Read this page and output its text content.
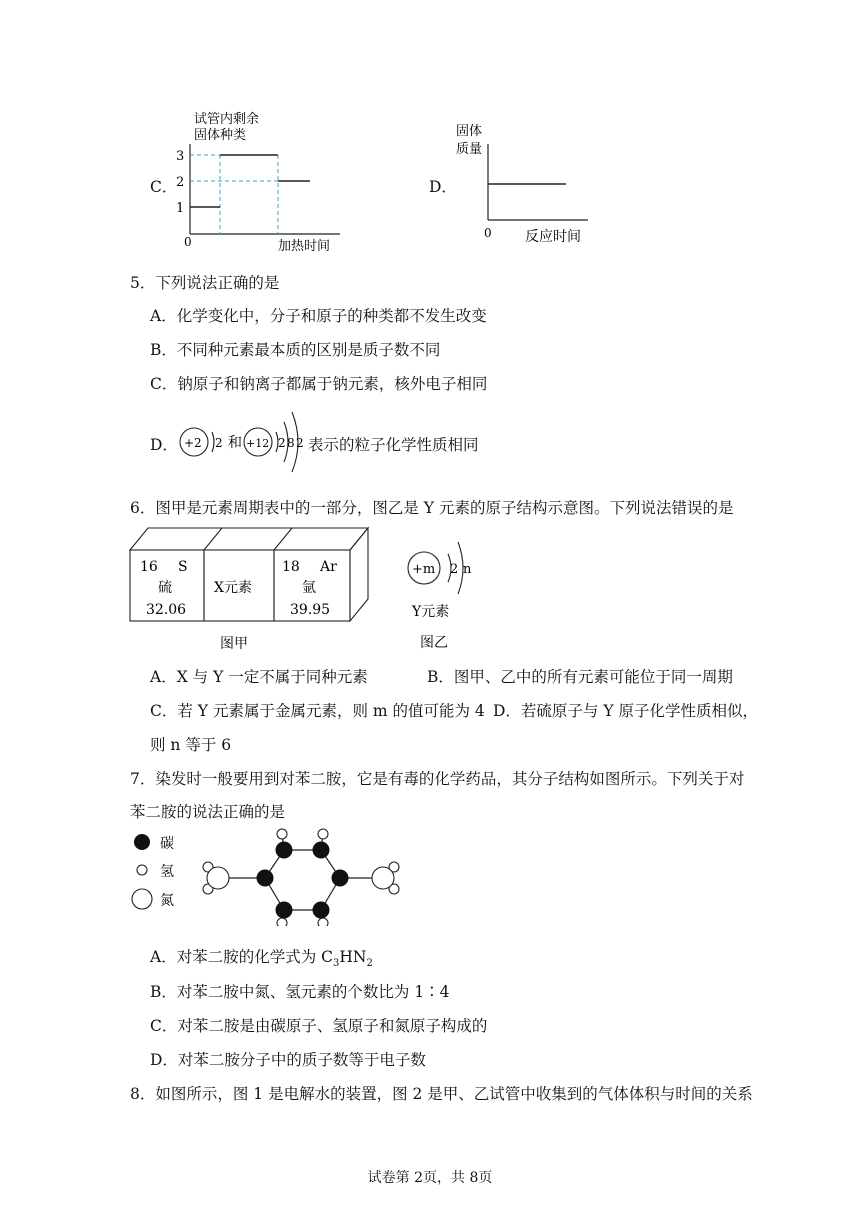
C．
试管内剩余
固体种类
3
2
1
0	加热时间
D．
固体
质量
0 反应时间
5．下列说法正确的是
A．化学变化中，分子和原子的种类都不发生改变
B．不同种元素最本质的区别是质子数不同
C．钠原子和钠离子都属于钠元素，核外电子相同
D． +2 2 和 +12 2 8 2 表示的粒子化学性质相同
6．图甲是元素周期表中的一部分，图乙是 Y 元素的原子结构示意图。下列说法错误的是
16 S
硫
32.06
X元素
18 Ar
氩
39.95
图甲
+m 2 n
Y元素
图乙
A．X 与 Y 一定不属于同种元素	B．图甲、乙中的所有元素可能位于同一周期
C．若 Y 元素属于金属元素，则 m 的值可能为 4 D．若硫原子与 Y 原子化学性质相似，
则 n 等于 6
7．染发时一般要用到对苯二胺，它是有毒的化学药品，其分子结构如图所示。下列关于对
苯二胺的说法正确的是
碳
氢
氮
A．对苯二胺的化学式为 $C_3HN_2$
B．对苯二胺中氮、氢元素的个数比为 1∶4
C．对苯二胺是由碳原子、氢原子和氮原子构成的
D．对苯二胺分子中的质子数等于电子数
8．如图所示，图 1 是电解水的装置，图 2 是甲、乙试管中收集到的气体体积与时间的关系
试卷第 2页，共 8页
